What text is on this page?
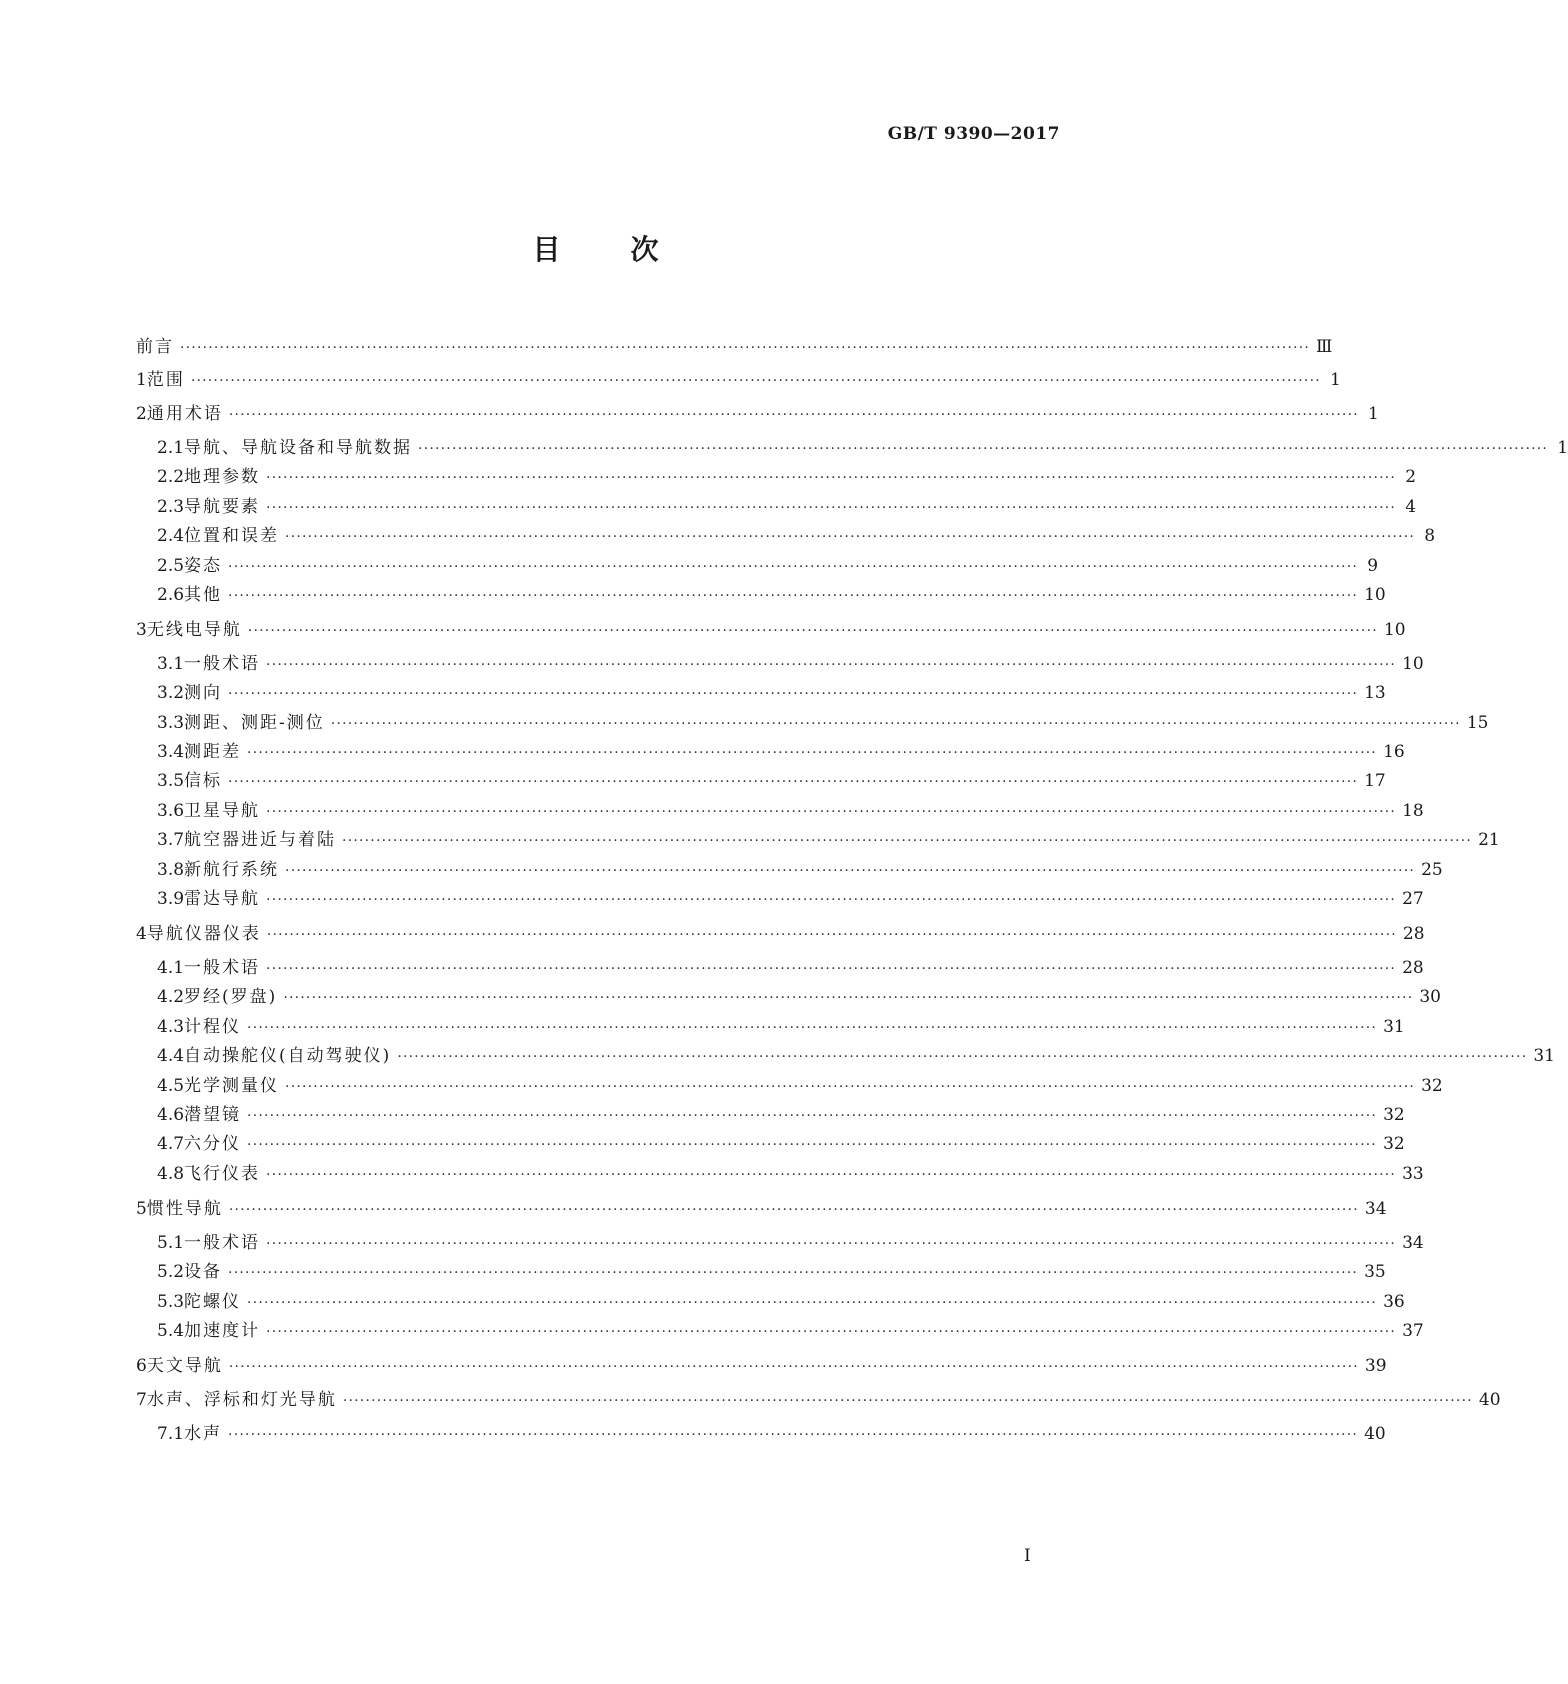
GB/T 9390—2017
目	次
前言 ········································································································································································································ Ⅲ
1 范围 ········································································································································································································ 1
2 通用术语 ········································································································································································································ 1
2.1 导航、导航设备和导航数据 ········································································································································································································ 1
2.2 地理参数 ········································································································································································································ 2
2.3 导航要素 ········································································································································································································ 4
2.4 位置和误差 ········································································································································································································ 8
2.5 姿态 ········································································································································································································ 9
2.6 其他 ········································································································································································································ 10
3 无线电导航 ········································································································································································································ 10
3.1 一般术语 ········································································································································································································ 10
3.2 测向 ········································································································································································································ 13
3.3 测距、测距-测位 ········································································································································································································ 15
3.4 测距差 ········································································································································································································ 16
3.5 信标 ········································································································································································································ 17
3.6 卫星导航 ········································································································································································································ 18
3.7 航空器进近与着陆 ········································································································································································································ 21
3.8 新航行系统 ········································································································································································································ 25
3.9 雷达导航 ········································································································································································································ 27
4 导航仪器仪表 ········································································································································································································ 28
4.1 一般术语 ········································································································································································································ 28
4.2 罗经(罗盘) ········································································································································································································ 30
4.3 计程仪 ········································································································································································································ 31
4.4 自动操舵仪(自动驾驶仪) ········································································································································································································ 31
4.5 光学测量仪 ········································································································································································································ 32
4.6 潜望镜 ········································································································································································································ 32
4.7 六分仪 ········································································································································································································ 32
4.8 飞行仪表 ········································································································································································································ 33
5 惯性导航 ········································································································································································································ 34
5.1 一般术语 ········································································································································································································ 34
5.2 设备 ········································································································································································································ 35
5.3 陀螺仪 ········································································································································································································ 36
5.4 加速度计 ········································································································································································································ 37
6 天文导航 ········································································································································································································ 39
7 水声、浮标和灯光导航 ········································································································································································································ 40
7.1 水声 ········································································································································································································ 40
I
